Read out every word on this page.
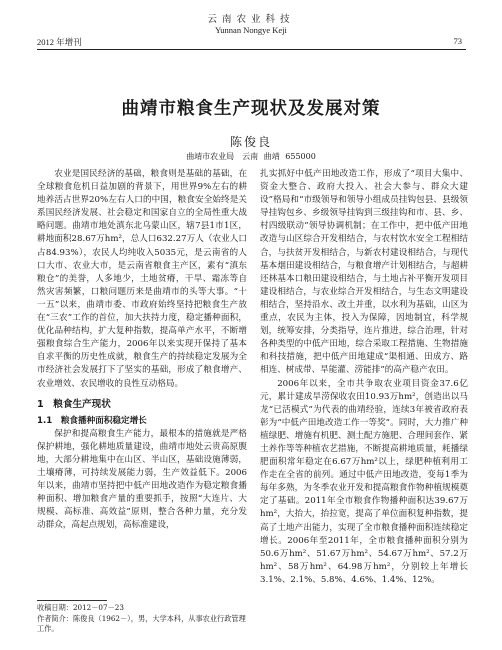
云南农业科技
Yunnan Nongye Keji
2012 年增刊	73
曲靖市粮食生产现状及发展对策
陈俊良
曲靖市农业局　云南 曲靖 655000

农业是国民经济的基础，粮食则是基础的基础，在全球粮食危机日益加剧的背景下，用世界9%左右的耕地养活占世界20%左右人口的中国，粮食安全始终是关系国民经济发展、社会稳定和国家自立的全局性重大战略问题。曲靖市地处滇东北乌蒙山区，辖7县1市1区，耕地面积28.67万hm²，总人口632.27万人（农业人口占84.93%），农民人均纯收入5035元，是云南省的人口大市、农业大市，是云南省粮食主产区，素有“滇东粮仓”的美誉，人多地少，土地贫瘠，干旱、霜冻等自然灾害频繁，口粮问题历来是曲靖市的头等大事。“十一五”以来，曲靖市委、市政府始终坚持把粮食生产放在“三农”工作的首位，加大扶持力度，稳定播种面积，优化品种结构，扩大复种指数，提高单产水平，不断增强粮食综合生产能力，2006年以来实现开保持了基本自求平衡的历史性成就，粮食生产的持续稳定发展为全市经济社会发展打下了坚实的基础，形成了粮食增产、农业增效、农民增收的良性互动格局。

1　粮食生产现状
1.1　粮食播种面积稳定增长

保护和提高粮食生产能力，最根本的措施就是严格保护耕地，强化耕地质量建设，曲靖市地处云贵高原腹地，大部分耕地集中在山区、半山区，基础设施薄弱，土壤瘠薄，可持续发展能力弱，生产效益低下。2006年以来，曲靖市坚持把中低产田地改造作为稳定粮食播种面积、增加粮食产量的重要抓手，按照“大连片、大规模、高标准、高效益”原则，整合各种力量，充分发动群众，高起点规划，高标准建设，

扎实抓好中低产田地改造工作，形成了“项目大集中、资金大整合、政府大投入、社会大参与、群众大建设”格局和“市级领导和领导小组成员挂钩包县、县级领导挂钩包乡、乡级领导挂钩到三级挂钩和市、县、乡、村四级联动”领导协调机制；在工作中，把中低产田地改造与山区综合开发相结合，与农村饮水安全工程相结合，与扶贫开发相结合，与新农村建设相结合，与现代基本烟田建设相结合，与粮食增产计划相结合，与超耕还林基本口粮田建设相结合，与土地占补平衡开发项目建设相结合，与农业综合开发相结合，与生态文明建设相结合，坚持沿水、改土并重，以水利为基础，山区为重点，农民为主体，投入为保障，因地制宜，科学规划，统筹安排，分类指导，连片推进，综合治理，针对各种类型的中低产田地，综合采取工程措施、生物措施和科技措施，把中低产田地建成“渠相通、田成方、路相连、树成带、旱能灌、涝能排”的高产稳产农田。

2006年以来，全市共争取农业项目资金37.6亿元，累计建成旱涝保收农田10.93万hm²，创造出以马龙“已活模式”为代表的曲靖经验，连续3年被省政府表彰为“中低产田地改造工作一等奖”。同时，大力推广种植绿肥、增施有机肥、测土配方施肥、合理间套作、紧土养作等等种植农艺措施，不断提高耕地质量，耗播绿肥面积常年稳定在6.67万hm²以上，绿肥种植利用工作走在全省的前列。通过中低产田地改造，变每1季为每年多熟，为冬季农业开发和提高粮食作物种植规模奠定了基础。2011年全市粮食作物播种面积达39.67万hm²，大抬大，抬拉宽，提高了单位面积复种指数，提高了土地产出能力，实现了全市粮食播种面积连续稳定增长。2006年至2011年，全市粮食播种面积分别为50.6万hm²、51.67万hm²、54.67万hm²、57.2万hm²、58万hm²、64.98万hm²，分别较上年增长3.1%、2.1%、5.8%、4.6%、1.4%、12%。

收稿日期：2012－07－23
作者简介：陈俊良（1962－），男，大学本科，从事农业行政管理工作。
